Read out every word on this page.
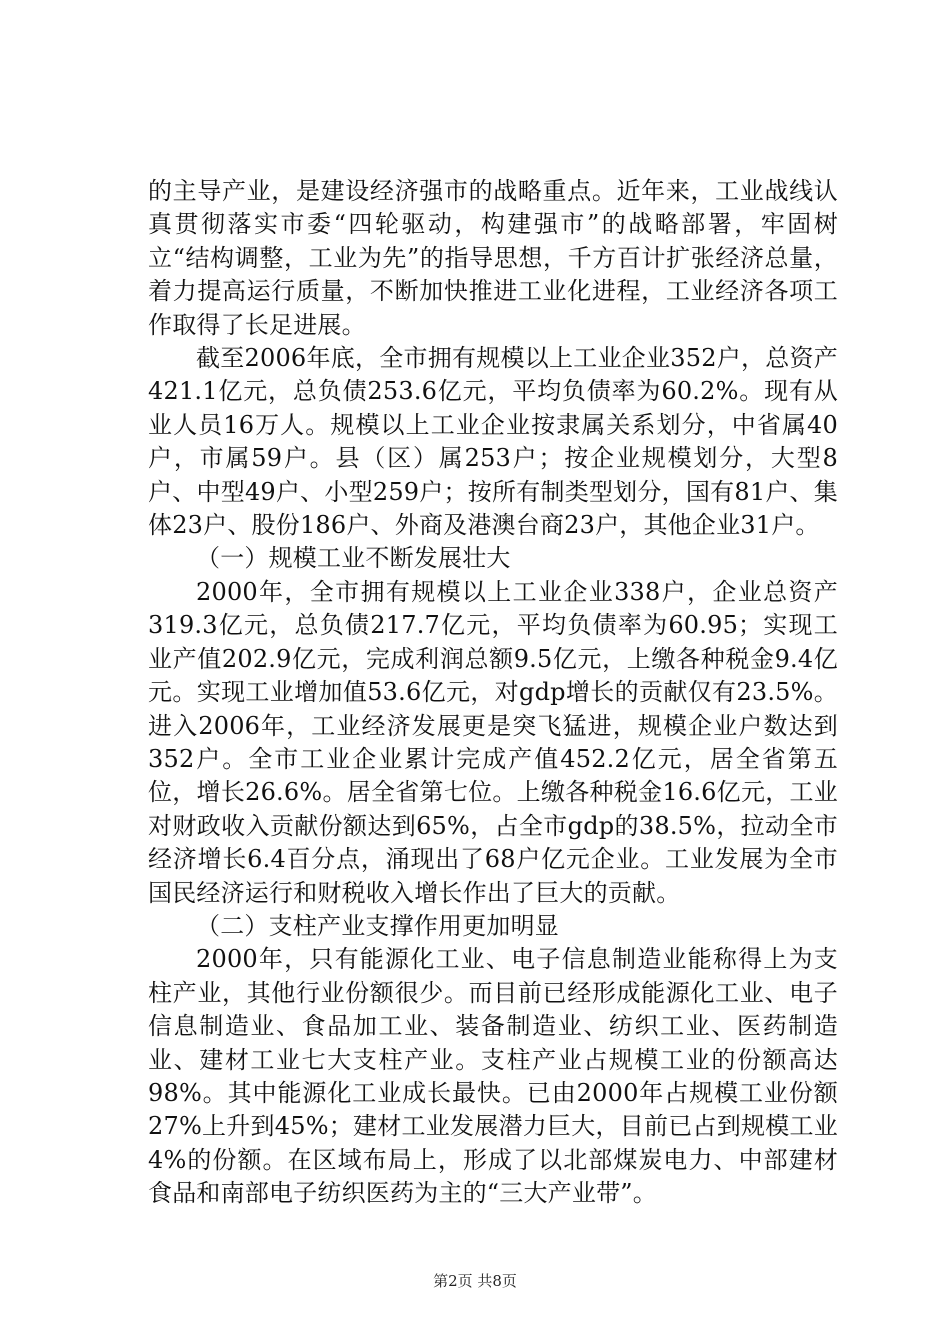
的主导产业，是建设经济强市的战略重点。近年来，工业战线认真贯彻落实市委“四轮驱动，构建强市”的战略部署，牢固树立“结构调整，工业为先”的指导思想，千方百计扩张经济总量，着力提高运行质量，不断加快推进工业化进程，工业经济各项工作取得了长足进展。

截至2006年底，全市拥有规模以上工业企业352户，总资产421.1亿元，总负债253.6亿元，平均负债率为60.2%。现有从业人员16万人。规模以上工业企业按隶属关系划分，中省属40户，市属59户。县（区）属253户；按企业规模划分，大型8户、中型49户、小型259户；按所有制类型划分，国有81户、集体23户、股份186户、外商及港澳台商23户，其他企业31户。

（一）规模工业不断发展壮大

2000年，全市拥有规模以上工业企业338户，企业总资产319.3亿元，总负债217.7亿元，平均负债率为60.95；实现工业产值202.9亿元，完成利润总额9.5亿元，上缴各种税金9.4亿元。实现工业增加值53.6亿元，对gdp增长的贡献仅有23.5%。进入2006年，工业经济发展更是突飞猛进，规模企业户数达到352户。全市工业企业累计完成产值452.2亿元，居全省第五位，增长26.6%。居全省第七位。上缴各种税金16.6亿元，工业对财政收入贡献份额达到65%，占全市gdp的38.5%，拉动全市经济增长6.4百分点，涌现出了68户亿元企业。工业发展为全市国民经济运行和财税收入增长作出了巨大的贡献。

（二）支柱产业支撑作用更加明显

2000年，只有能源化工业、电子信息制造业能称得上为支柱产业，其他行业份额很少。而目前已经形成能源化工业、电子信息制造业、食品加工业、装备制造业、纺织工业、医药制造业、建材工业七大支柱产业。支柱产业占规模工业的份额高达98%。其中能源化工业成长最快。已由2000年占规模工业份额27%上升到45%；建材工业发展潜力巨大，目前已占到规模工业4%的份额。在区域布局上，形成了以北部煤炭电力、中部建材食品和南部电子纺织医药为主的“三大产业带”。

第2页 共8页
